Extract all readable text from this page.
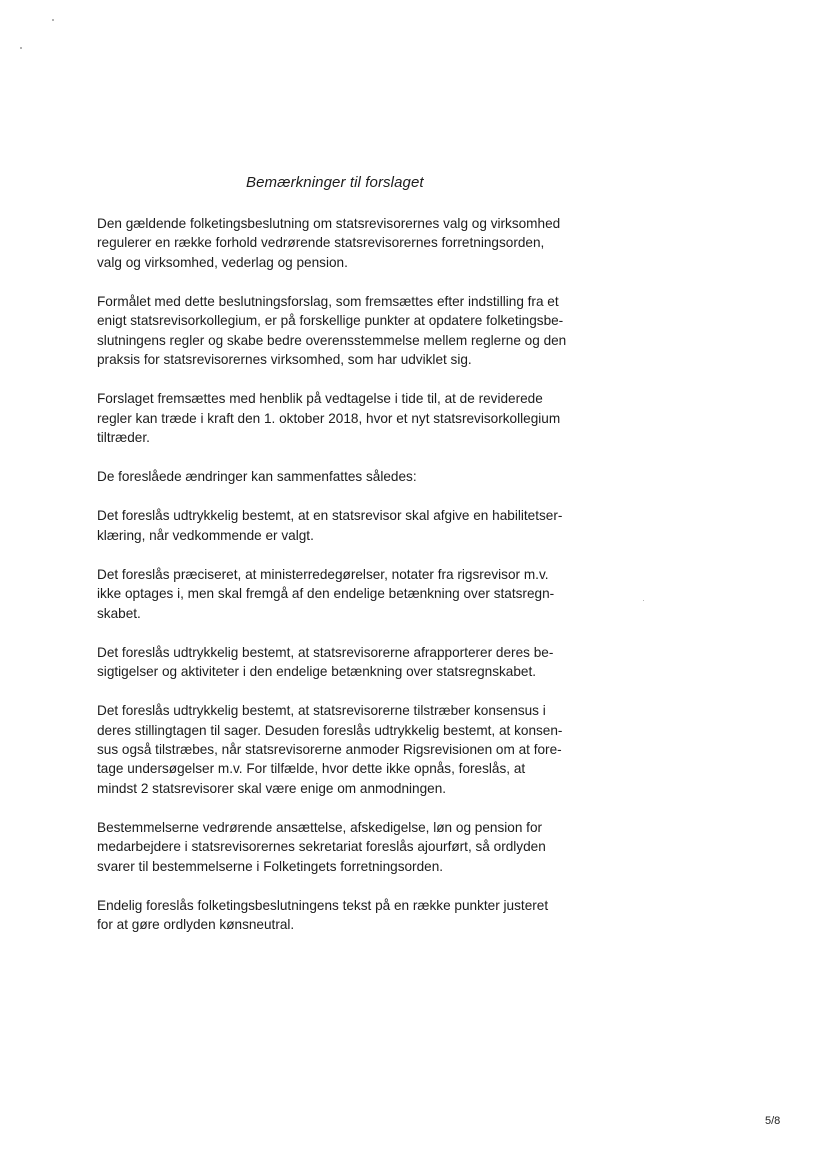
Bemærkninger til forslaget

Den gældende folketingsbeslutning om statsrevisorernes valg og virksomhed
regulerer en række forhold vedrørende statsrevisorernes forretningsorden,
valg og virksomhed, vederlag og pension.

Formålet med dette beslutningsforslag, som fremsættes efter indstilling fra et
enigt statsrevisorkollegium, er på forskellige punkter at opdatere folketingsbe-
slutningens regler og skabe bedre overensstemmelse mellem reglerne og den
praksis for statsrevisorernes virksomhed, som har udviklet sig.

Forslaget fremsættes med henblik på vedtagelse i tide til, at de reviderede
regler kan træde i kraft den 1. oktober 2018, hvor et nyt statsrevisorkollegium
tiltræder.

De foreslåede ændringer kan sammenfattes således:

Det foreslås udtrykkelig bestemt, at en statsrevisor skal afgive en habilitetser-
klæring, når vedkommende er valgt.

Det foreslås præciseret, at ministerredegørelser, notater fra rigsrevisor m.v.
ikke optages i, men skal fremgå af den endelige betænkning over statsregn-
skabet.

Det foreslås udtrykkelig bestemt, at statsrevisorerne afrapporterer deres be-
sigtigelser og aktiviteter i den endelige betænkning over statsregnskabet.

Det foreslås udtrykkelig bestemt, at statsrevisorerne tilstræber konsensus i
deres stillingtagen til sager. Desuden foreslås udtrykkelig bestemt, at konsen-
sus også tilstræbes, når statsrevisorerne anmoder Rigsrevisionen om at fore-
tage undersøgelser m.v. For tilfælde, hvor dette ikke opnås, foreslås, at
mindst 2 statsrevisorer skal være enige om anmodningen.

Bestemmelserne vedrørende ansættelse, afskedigelse, løn og pension for
medarbejdere i statsrevisorernes sekretariat foreslås ajourført, så ordlyden
svarer til bestemmelserne i Folketingets forretningsorden.

Endelig foreslås folketingsbeslutningens tekst på en række punkter justeret
for at gøre ordlyden kønsneutral.

5/8
